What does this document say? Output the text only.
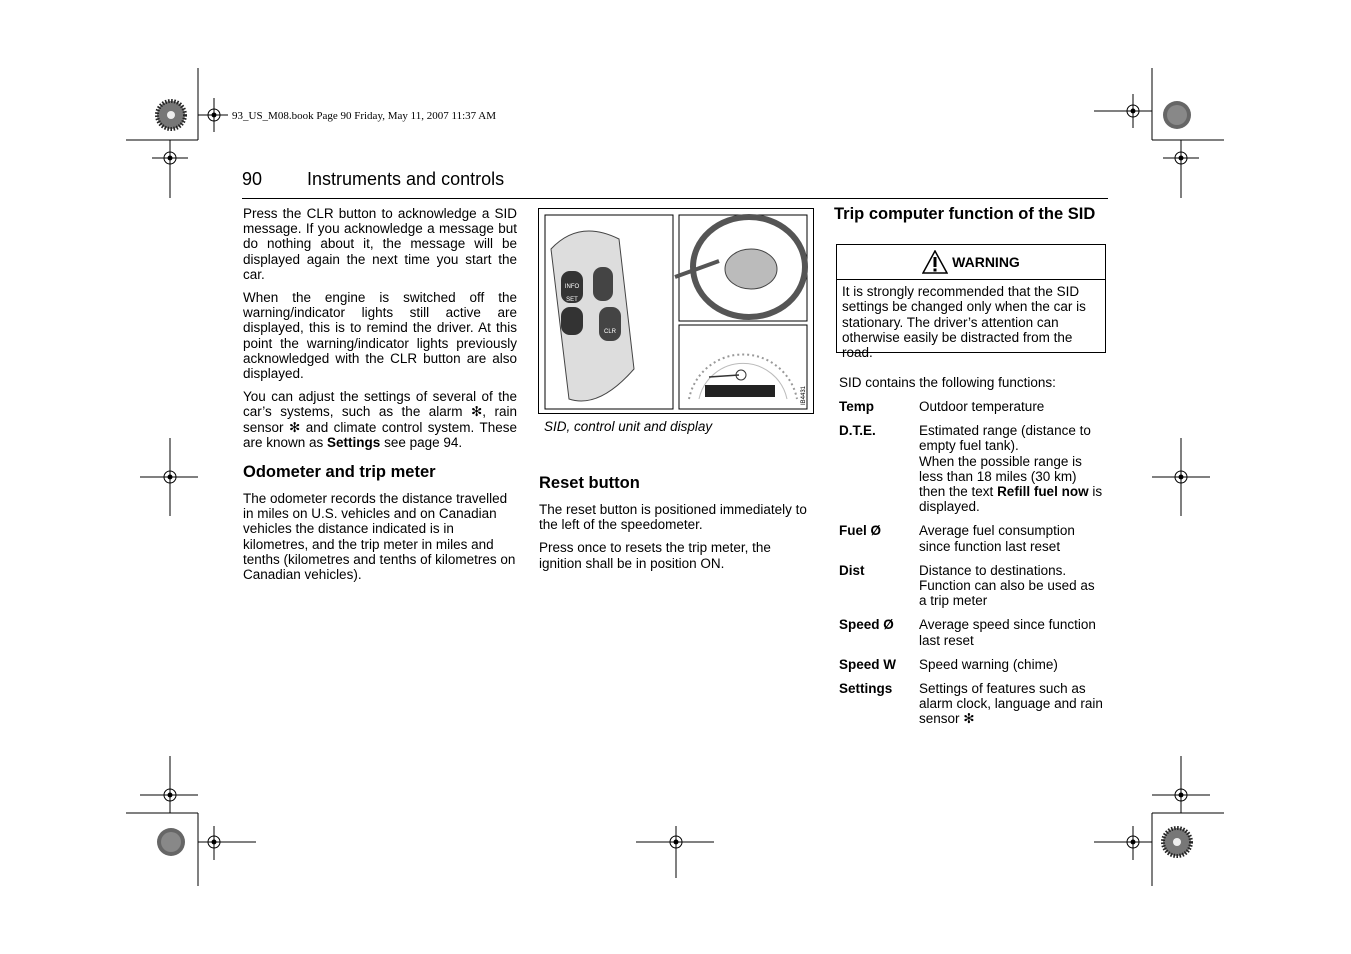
93_US_M08.book Page 90 Friday, May 11, 2007 11:37 AM
90 Instruments and controls

Press the CLR button to acknowledge a SID message. If you acknowledge a message but do nothing about it, the message will be displayed again the next time you start the car.

When the engine is switched off the warning/indicator lights still active are displayed, this is to remind the driver. At this point the warning/indicator lights previously acknowledged with the CLR button are also displayed.

You can adjust the settings of several of the car’s systems, such as the alarm ✻, rain sensor ✻ and climate control system. These are known as Settings see page 94.

Odometer and trip meter

The odometer records the distance travelled in miles on U.S. vehicles and on Canadian vehicles the distance indicated is in kilometres, and the trip meter in miles and tenths (kilometres and tenths of kilometres on Canadian vehicles).

INFO
SET
CLR
IB4431
SID, control unit and display
Reset button

The reset button is positioned immediately to the left of the speedometer.

Press once to resets the trip meter, the ignition shall be in position ON.

Trip computer function of the SID
WARNING
It is strongly recommended that the SID settings be changed only when the car is stationary. The driver’s attention can otherwise easily be distracted from the road.
SID contains the following functions:
Temp	Outdoor temperature
D.T.E.	Estimated range (distance to empty fuel tank).
When the possible range is less than 18 miles (30 km) then the text Refill fuel now is displayed.
Fuel Ø	Average fuel consumption since function last reset
Dist	Distance to destinations. Function can also be used as a trip meter
Speed Ø	Average speed since function last reset
Speed W	Speed warning (chime)
Settings	Settings of features such as alarm clock, language and rain sensor ✻
